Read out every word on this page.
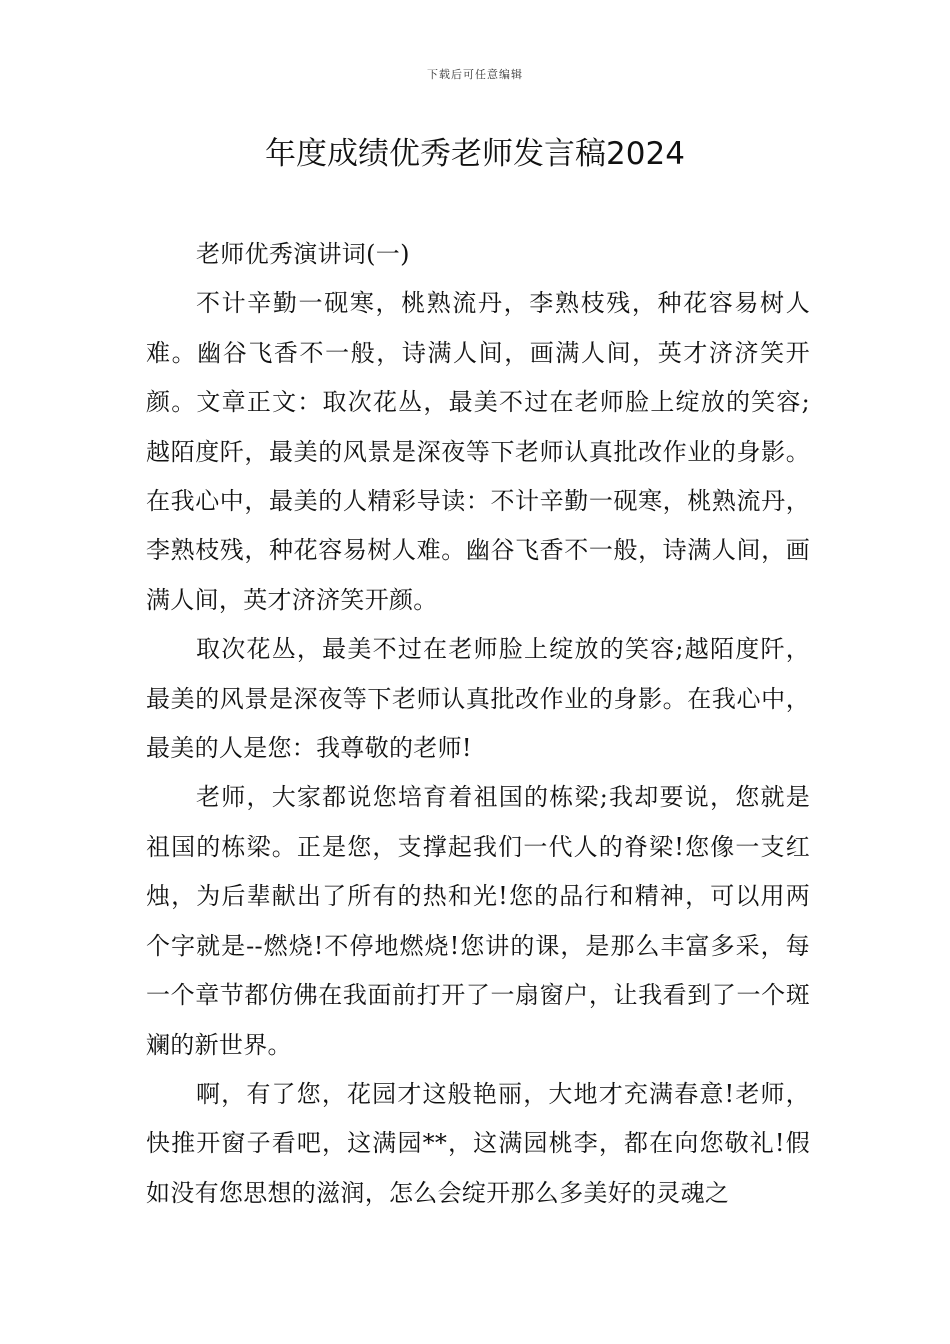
下载后可任意编辑
年度成绩优秀老师发言稿2024

老师优秀演讲词(一)

不计辛勤一砚寒，桃熟流丹，李熟枝残，种花容易树人难。幽谷飞香不一般，诗满人间，画满人间，英才济济笑开颜。文章正文：取次花丛，最美不过在老师脸上绽放的笑容;越陌度阡，最美的风景是深夜等下老师认真批改作业的身影。在我心中，最美的人精彩导读：不计辛勤一砚寒，桃熟流丹，李熟枝残，种花容易树人难。幽谷飞香不一般，诗满人间，画满人间，英才济济笑开颜。

取次花丛，最美不过在老师脸上绽放的笑容;越陌度阡，最美的风景是深夜等下老师认真批改作业的身影。在我心中，最美的人是您：我尊敬的老师!

老师，大家都说您培育着祖国的栋梁;我却要说，您就是祖国的栋梁。正是您，支撑起我们一代人的脊梁!您像一支红烛，为后辈献出了所有的热和光!您的品行和精神，可以用两个字就是--燃烧!不停地燃烧!您讲的课，是那么丰富多采，每一个章节都仿佛在我面前打开了一扇窗户，让我看到了一个斑斓的新世界。

啊，有了您，花园才这般艳丽，大地才充满春意!老师，快推开窗子看吧，这满园**，这满园桃李，都在向您敬礼!假如没有您思想的滋润，怎么会绽开那么多美好的灵魂之
